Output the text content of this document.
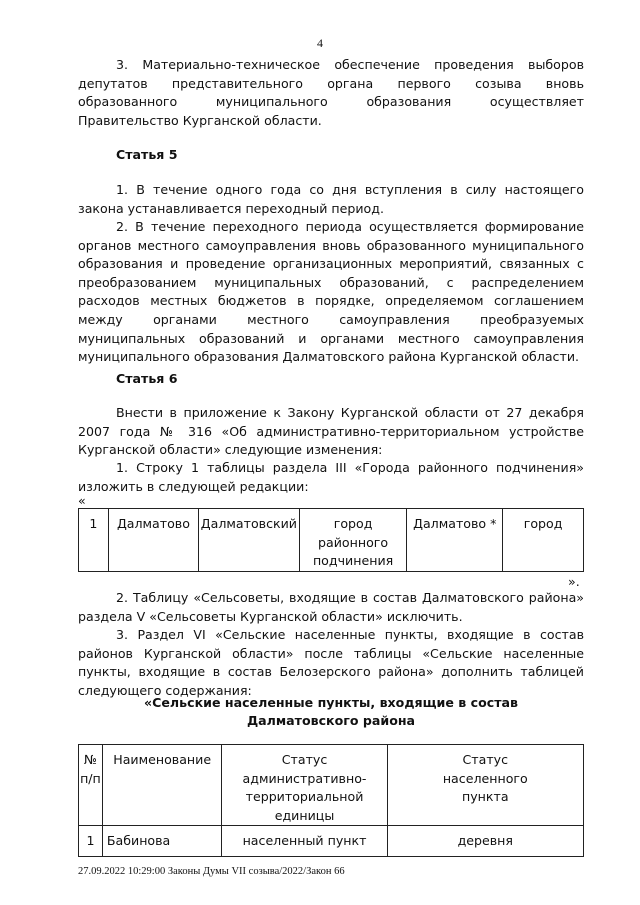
4
3. Материально-техническое обеспечение проведения выборов депутатов представительного органа первого созыва вновь образованного муниципального образования осуществляет Правительство Курганской области.
Статья 5
1. В течение одного года со дня вступления в силу настоящего закона устанавливается переходный период.
2. В течение переходного периода осуществляется формирование органов местного самоуправления вновь образованного муниципального образования и проведение организационных мероприятий, связанных с преобразованием муниципальных образований, с распределением расходов местных бюджетов в порядке, определяемом соглашением между органами местного самоуправления преобразуемых муниципальных образований и органами местного самоуправления муниципального образования Далматовского района Курганской области.
Статья 6
Внести в приложение к Закону Курганской области от 27 декабря 2007 года № 316 «Об административно-территориальном устройстве Курганской области» следующие изменения:
1. Строку 1 таблицы раздела III «Города районного подчинения» изложить в следующей редакции:
«
1	Далматово	Далматовский	город районного подчинения	Далматово *	город
».
2. Таблицу «Сельсоветы, входящие в состав Далматовского района» раздела V «Сельсоветы Курганской области» исключить.
3. Раздел VI «Сельские населенные пункты, входящие в состав районов Курганской области» после таблицы «Сельские населенные пункты, входящие в состав Белозерского района» дополнить таблицей следующего содержания:
«Сельские населенные пункты, входящие в состав
Далматовского района
№ п/п	Наименование	Статус административно-территориальной единицы	Статус населенного пункта
1	Бабинова	населенный пункт	деревня
27.09.2022 10:29:00 Законы Думы VII созыва/2022/Закон 66
